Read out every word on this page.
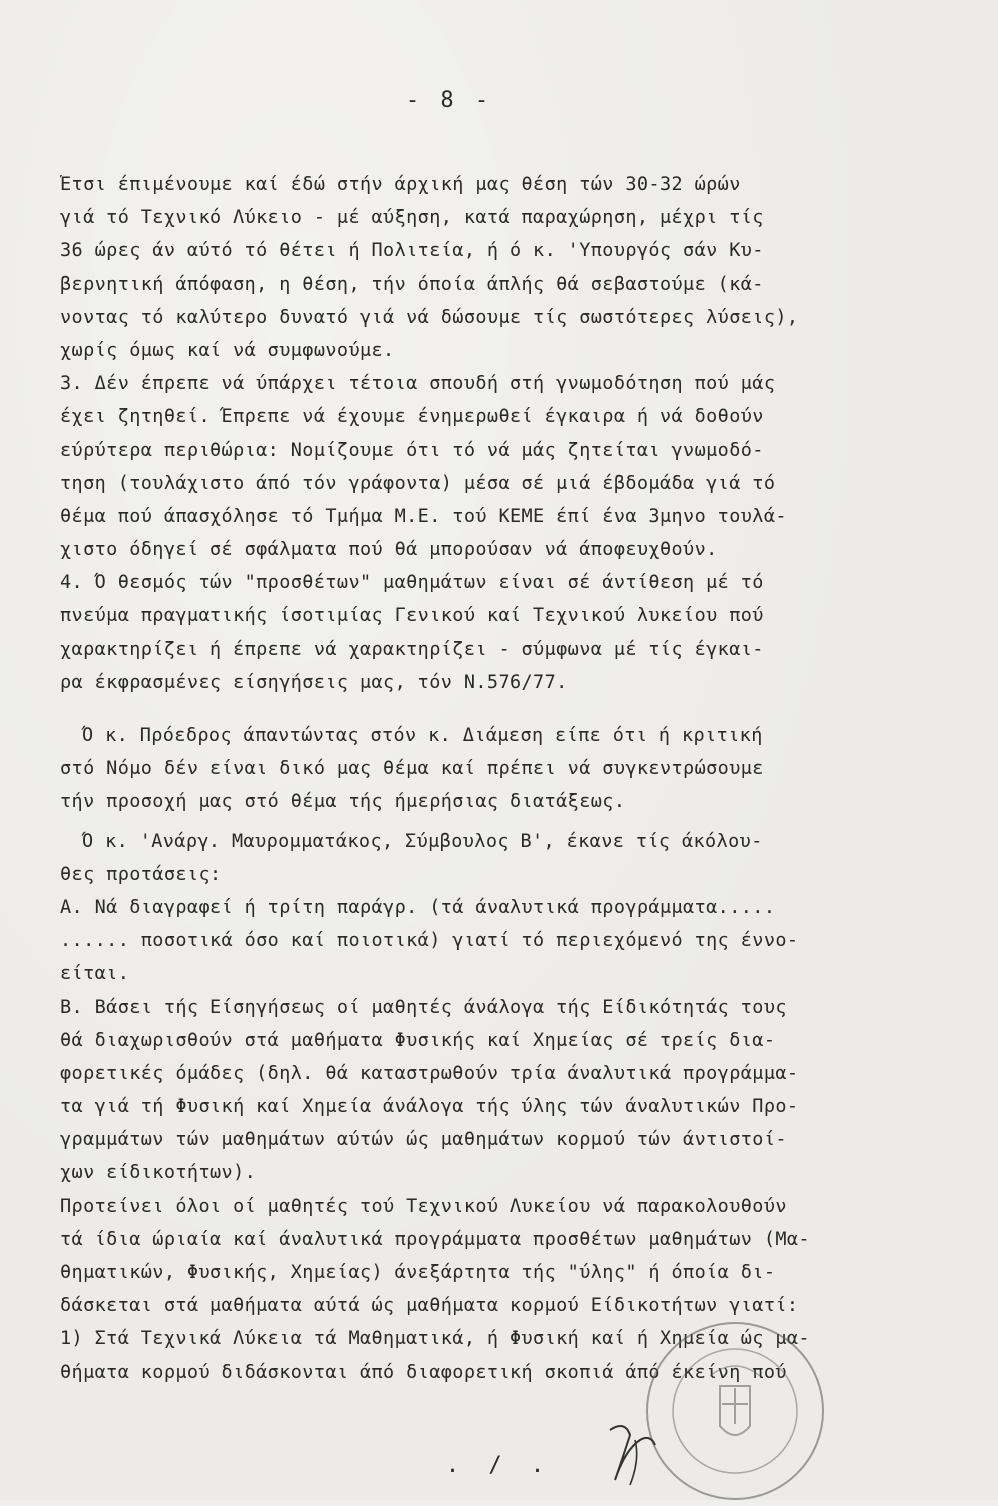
- 8 -
Έτσι έπιμένουμε καί έδώ στήν άρχική μας θέση τών 30-32 ώρών
γιά τό Τεχνικό Λύκειο - μέ αύξηση, κατά παραχώρηση, μέχρι τίς
36 ώρες άν αύτό τό θέτει ή Πολιτεία, ή ό κ. 'Υπουργός σάν Κυ-
βερνητική άπόφαση, η θέση, τήν όποία άπλής θά σεβαστούμε (κά-
νοντας τό καλύτερο δυνατό γιά νά δώσουμε τίς σωστότερες λύσεις),
χωρίς όμως καί νά συμφωνούμε.
3. Δέν έπρεπε νά ύπάρχει τέτοια σπουδή στή γνωμοδότηση πού μάς
έχει ζητηθεί. Έπρεπε νά έχουμε ένημερωθεί έγκαιρα ή νά δοθούν
εύρύτερα περιθώρια: Νομίζουμε ότι τό νά μάς ζητείται γνωμοδό-
τηση (τουλάχιστο άπό τόν γράφοντα) μέσα σέ μιά έβδομάδα γιά τό
θέμα πού άπασχόλησε τό Τμήμα Μ.Ε. τού ΚΕΜΕ έπί ένα 3μηνο τουλά-
χιστο όδηγεί σέ σφάλματα πού θά μπορούσαν νά άποφευχθούν.
4. Ό θεσμός τών "προσθέτων" μαθημάτων είναι σέ άντίθεση μέ τό
πνεύμα πραγματικής ίσοτιμίας Γενικού καί Τεχνικού λυκείου πού
χαρακτηρίζει ή έπρεπε νά χαρακτηρίζει - σύμφωνα μέ τίς έγκαι-
ρα έκφρασμένες είσηγήσεις μας, τόν Ν.576/77.
Ό κ. Πρόεδρος άπαντώντας στόν κ. Διάμεση είπε ότι ή κριτική
στό Νόμο δέν είναι δικό μας θέμα καί πρέπει νά συγκεντρώσουμε
τήν προσοχή μας στό θέμα τής ήμερήσιας διατάξεως.
Ό κ. 'Ανάργ. Μαυρομματάκος, Σύμβουλος Β', έκανε τίς άκόλου-
θες προτάσεις:
Α. Νά διαγραφεί ή τρίτη παράγρ. (τά άναλυτικά προγράμματα.....
...... ποσοτικά όσο καί ποιοτικά) γιατί τό περιεχόμενό της έννο-
είται.
Β. Βάσει τής Είσηγήσεως οί μαθητές άνάλογα τής Είδικότητάς τους
θά διαχωρισθούν στά μαθήματα Φυσικής καί Χημείας σέ τρείς δια-
φορετικές όμάδες (δηλ. θά καταστρωθούν τρία άναλυτικά προγράμμα-
τα γιά τή Φυσική καί Χημεία άνάλογα τής ύλης τών άναλυτικών Προ-
γραμμάτων τών μαθημάτων αύτών ώς μαθημάτων κορμού τών άντιστοί-
χων είδικοτήτων).
Προτείνει όλοι οί μαθητές τού Τεχνικού Λυκείου νά παρακολουθούν
τά ίδια ώριαία καί άναλυτικά προγράμματα προσθέτων μαθημάτων (Μα-
θηματικών, Φυσικής, Χημείας) άνεξάρτητα τής "ύλης" ή όποία δι-
δάσκεται στά μαθήματα αύτά ώς μαθήματα κορμού Είδικοτήτων γιατί:
1) Στά Τεχνικά Λύκεια τά Μαθηματικά, ή Φυσική καί ή Χημεία ώς μα-
θήματα κορμού διδάσκονται άπό διαφορετική σκοπιά άπό έκείνη πού
. / .
